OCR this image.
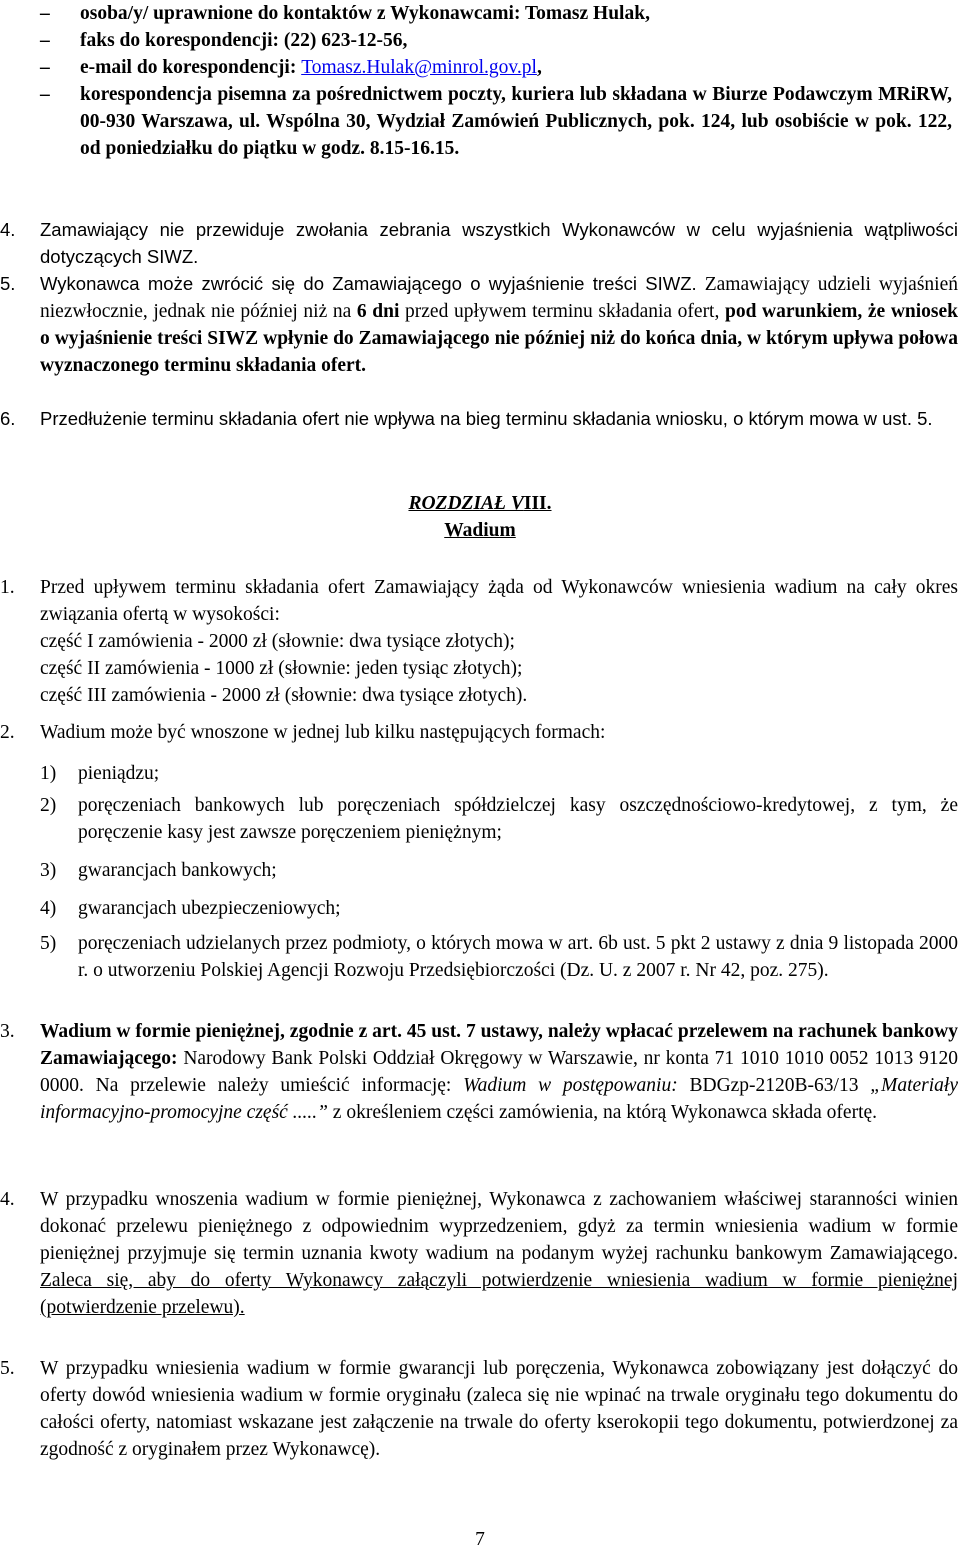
– osoba/y/ uprawnione do kontaktów z Wykonawcami: Tomasz Hulak,
– faks do korespondencji: (22) 623-12-56,
– e-mail do korespondencji: Tomasz.Hulak@minrol.gov.pl,
– korespondencja pisemna za pośrednictwem poczty, kuriera lub składana w Biurze Podawczym MRiRW, 00-930 Warszawa, ul. Wspólna 30, Wydział Zamówień Publicznych, pok. 124, lub osobiście w pok. 122, od poniedziałku do piątku w godz. 8.15-16.15.
4. Zamawiający nie przewiduje zwołania zebrania wszystkich Wykonawców w celu wyjaśnienia wątpliwości dotyczących SIWZ.
5. Wykonawca może zwrócić się do Zamawiającego o wyjaśnienie treści SIWZ. Zamawiający udzieli wyjaśnień niezwłocznie, jednak nie później niż na 6 dni przed upływem terminu składania ofert, pod warunkiem, że wniosek o wyjaśnienie treści SIWZ wpłynie do Zamawiającego nie później niż do końca dnia, w którym upływa połowa wyznaczonego terminu składania ofert.
6. Przedłużenie terminu składania ofert nie wpływa na bieg terminu składania wniosku, o którym mowa w ust. 5.
ROZDZIAŁ VIII.
Wadium
1. Przed upływem terminu składania ofert Zamawiający żąda od Wykonawców wniesienia wadium na cały okres związania ofertą w wysokości:
część I zamówienia - 2000 zł (słownie: dwa tysiące złotych);
część II zamówienia - 1000 zł (słownie: jeden tysiąc złotych);
część III zamówienia - 2000 zł (słownie: dwa tysiące złotych).
2. Wadium może być wnoszone w jednej lub kilku następujących formach:
1) pieniądzu;
2) poręczeniach bankowych lub poręczeniach spółdzielczej kasy oszczędnościowo-kredytowej, z tym, że poręczenie kasy jest zawsze poręczeniem pieniężnym;
3) gwarancjach bankowych;
4) gwarancjach ubezpieczeniowych;
5) poręczeniach udzielanych przez podmioty, o których mowa w art. 6b ust. 5 pkt 2 ustawy z dnia 9 listopada 2000 r. o utworzeniu Polskiej Agencji Rozwoju Przedsiębiorczości (Dz. U. z 2007 r. Nr 42, poz. 275).
3. Wadium w formie pieniężnej, zgodnie z art. 45 ust. 7 ustawy, należy wpłacać przelewem na rachunek bankowy Zamawiającego: Narodowy Bank Polski Oddział Okręgowy w Warszawie, nr konta 71 1010 1010 0052 1013 9120 0000. Na przelewie należy umieścić informację: Wadium w postępowaniu: BDGzp-2120B-63/13 „Materiały informacyjno-promocyjne część .....” z określeniem części zamówienia, na którą Wykonawca składa ofertę.
4. W przypadku wnoszenia wadium w formie pieniężnej, Wykonawca z zachowaniem właściwej staranności winien dokonać przelewu pieniężnego z odpowiednim wyprzedzeniem, gdyż za termin wniesienia wadium w formie pieniężnej przyjmuje się termin uznania kwoty wadium na podanym wyżej rachunku bankowym Zamawiającego. Zaleca się, aby do oferty Wykonawcy załączyli potwierdzenie wniesienia wadium w formie pieniężnej (potwierdzenie przelewu).
5. W przypadku wniesienia wadium w formie gwarancji lub poręczenia, Wykonawca zobowiązany jest dołączyć do oferty dowód wniesienia wadium w formie oryginału (zaleca się nie wpinać na trwale oryginału tego dokumentu do całości oferty, natomiast wskazane jest załączenie na trwale do oferty kserokopii tego dokumentu, potwierdzonej za zgodność z oryginałem przez Wykonawcę).
7
